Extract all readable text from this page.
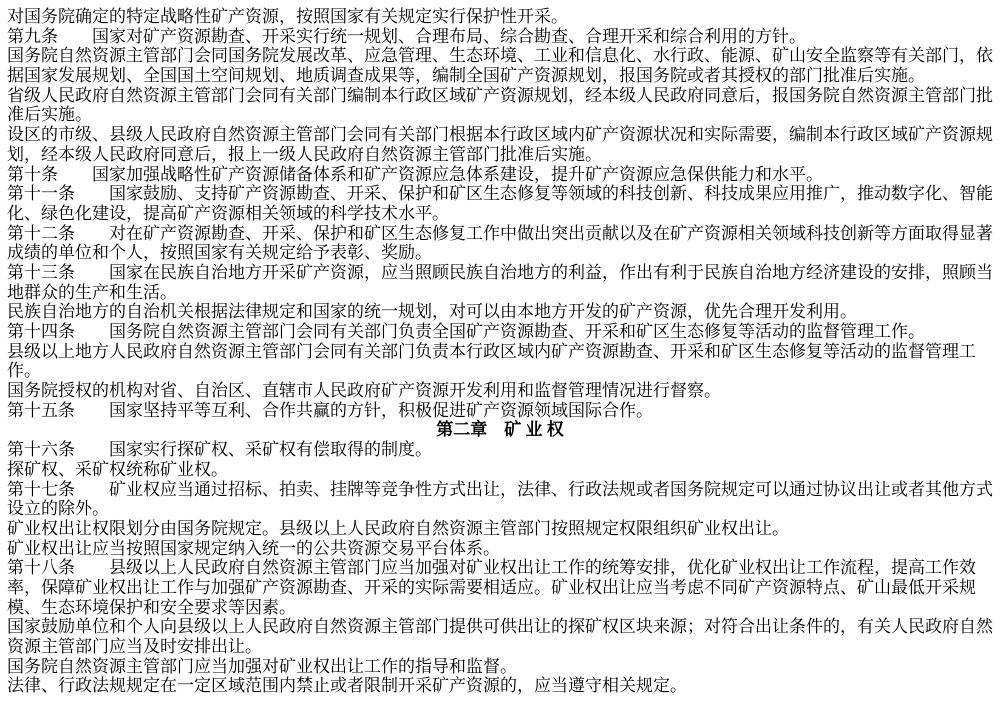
对国务院确定的特定战略性矿产资源，按照国家有关规定实行保护性开采。
第九条　　国家对矿产资源勘查、开采实行统一规划、合理布局、综合勘查、合理开采和综合利用的方针。
国务院自然资源主管部门会同国务院发展改革、应急管理、生态环境、工业和信息化、水行政、能源、矿山安全监察等有关部门，依
据国家发展规划、全国国土空间规划、地质调查成果等，编制全国矿产资源规划，报国务院或者其授权的部门批准后实施。
省级人民政府自然资源主管部门会同有关部门编制本行政区域矿产资源规划，经本级人民政府同意后，报国务院自然资源主管部门批
准后实施。
设区的市级、县级人民政府自然资源主管部门会同有关部门根据本行政区域内矿产资源状况和实际需要，编制本行政区域矿产资源规
划，经本级人民政府同意后，报上一级人民政府自然资源主管部门批准后实施。
第十条　　国家加强战略性矿产资源储备体系和矿产资源应急体系建设，提升矿产资源应急保供能力和水平。
第十一条　　国家鼓励、支持矿产资源勘查、开采、保护和矿区生态修复等领域的科技创新、科技成果应用推广，推动数字化、智能
化、绿色化建设，提高矿产资源相关领域的科学技术水平。
第十二条　　对在矿产资源勘查、开采、保护和矿区生态修复工作中做出突出贡献以及在矿产资源相关领域科技创新等方面取得显著
成绩的单位和个人，按照国家有关规定给予表彰、奖励。
第十三条　　国家在民族自治地方开采矿产资源，应当照顾民族自治地方的利益，作出有利于民族自治地方经济建设的安排，照顾当
地群众的生产和生活。
民族自治地方的自治机关根据法律规定和国家的统一规划，对可以由本地方开发的矿产资源，优先合理开发利用。
第十四条　　国务院自然资源主管部门会同有关部门负责全国矿产资源勘查、开采和矿区生态修复等活动的监督管理工作。
县级以上地方人民政府自然资源主管部门会同有关部门负责本行政区域内矿产资源勘查、开采和矿区生态修复等活动的监督管理工
作。
国务院授权的机构对省、自治区、直辖市人民政府矿产资源开发利用和监督管理情况进行督察。
第十五条　　国家坚持平等互利、合作共赢的方针，积极促进矿产资源领域国际合作。
第二章　矿 业 权
第十六条　　国家实行探矿权、采矿权有偿取得的制度。
探矿权、采矿权统称矿业权。
第十七条　　矿业权应当通过招标、拍卖、挂牌等竞争性方式出让，法律、行政法规或者国务院规定可以通过协议出让或者其他方式
设立的除外。
矿业权出让权限划分由国务院规定。县级以上人民政府自然资源主管部门按照规定权限组织矿业权出让。
矿业权出让应当按照国家规定纳入统一的公共资源交易平台体系。
第十八条　　县级以上人民政府自然资源主管部门应当加强对矿业权出让工作的统筹安排，优化矿业权出让工作流程，提高工作效
率，保障矿业权出让工作与加强矿产资源勘查、开采的实际需要相适应。矿业权出让应当考虑不同矿产资源特点、矿山最低开采规
模、生态环境保护和安全要求等因素。
国家鼓励单位和个人向县级以上人民政府自然资源主管部门提供可供出让的探矿权区块来源；对符合出让条件的，有关人民政府自然
资源主管部门应当及时安排出让。
国务院自然资源主管部门应当加强对矿业权出让工作的指导和监督。
法律、行政法规规定在一定区域范围内禁止或者限制开采矿产资源的，应当遵守相关规定。
